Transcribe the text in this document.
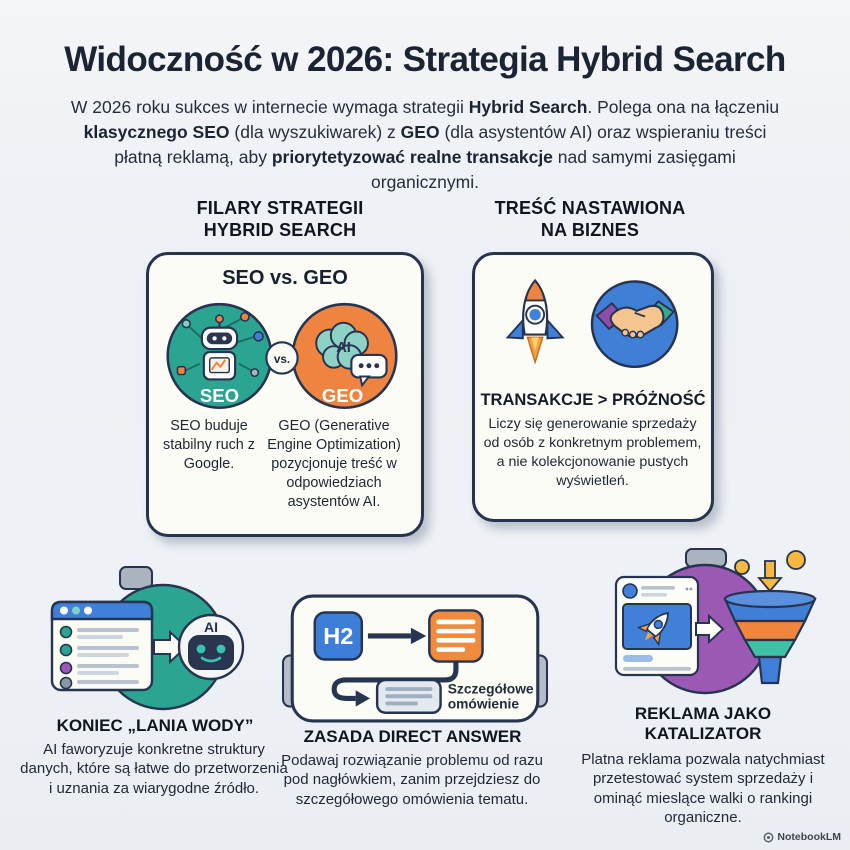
Widoczność w 2026: Strategia Hybrid Search
W 2026 roku sukces w internecie wymaga strategii Hybrid Search. Polega ona na łączeniu klasycznego SEO (dla wyszukiwarek) z GEO (dla asystentów AI) oraz wspieraniu treści płatną reklamą, aby priorytetyzować realne transakcje nad samymi zasięgami organicznymi.
FILARY STRATEGII
HYBRID SEARCH
TREŚĆ NASTAWIONA
NA BIZNES
SEO vs. GEO
SEO
AI
GEO
vs.
SEO buduje stabilny ruch z Google.
GEO (Generative Engine Optimization) pozycjonuje treść w odpowiedziach asystentów AI.
TRANSAKCJE > PRÓŻNOŚĆ
Liczy się generowanie sprzedaży od osób z konkretnym problemem, a nie kolekcjonowanie pustych wyświetleń.
AI
KONIEC „LANIA WODY”
AI faworyzuje konkretne struktury danych, które są łatwe do przetworzenia i uznania za wiarygodne źródło.
H2
Szczegółowe
omówienie
ZASADA DIRECT ANSWER
Podawaj rozwiązanie problemu od razu pod nagłówkiem, zanim przejdziesz do szczegółowego omówienia tematu.
REKLAMA JAKO
KATALIZATOR
Platna reklama pozwala natychmiast przetestować system sprzedaży i ominąć mieslące walki o rankingi organiczne.
NotebookLM
